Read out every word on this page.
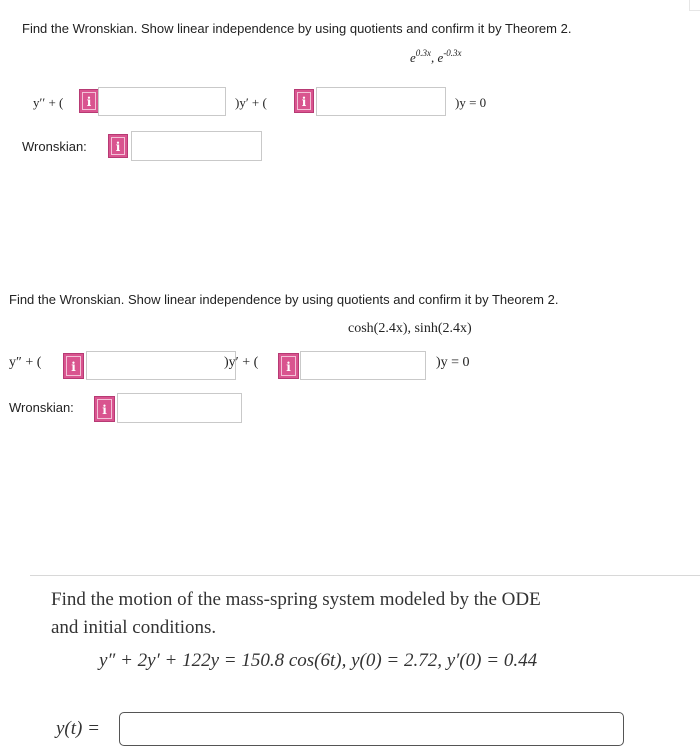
Find the Wronskian. Show linear independence by using quotients and confirm it by Theorem 2.
$e^{0.3x}$, $e^{-0.3x}$
y′′ + (	i	)y′ + (	i	)y = 0
Wronskian:	i
Find the Wronskian. Show linear independence by using quotients and confirm it by Theorem 2.
cosh(2.4x), sinh(2.4x)
y″ + (	i	)y′ + (	i	)y = 0
Wronskian:	i
Find the motion of the mass-spring system modeled by the ODE
and initial conditions.
y″ + 2y′ + 122y = 150.8 cos(6t), y(0) = 2.72, y′(0) = 0.44
y(t) =
